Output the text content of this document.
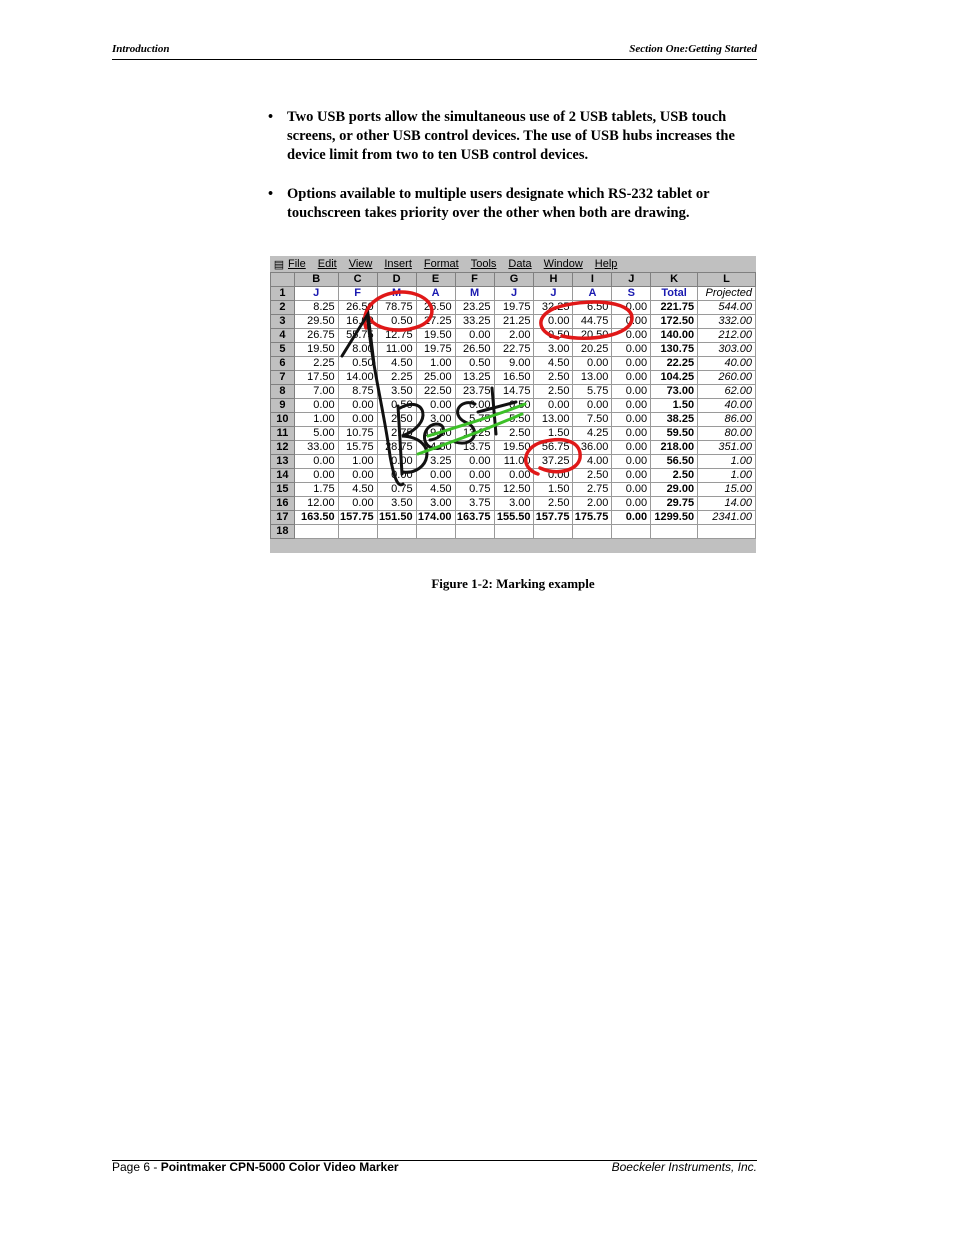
Introduction	Section One:Getting Started
• Two USB ports allow the simultaneous use of 2 USB tablets, USB touch screens, or other USB control devices. The use of USB hubs increases the device limit from two to ten USB control devices.
• Options available to multiple users designate which RS-232 tablet or touchscreen takes priority over the other when both are drawing.
▤ File Edit View Insert Format Tools Data Window Help
	B	C	D	E	F	G	H	I	J	K	L
1	J	F	M	A	M	J	J	A	S	Total	Projected
2	8.25	26.50	78.75	26.50	23.25	19.75	32.25	6.50	0.00	221.75	544.00
3	29.50	16.00	0.50	27.25	33.25	21.25	0.00	44.75	0.00	172.50	332.00
4	26.75	55.75	12.75	19.50	0.00	2.00	0.50	20.50	0.00	140.00	212.00
5	19.50	8.00	11.00	19.75	26.50	22.75	3.00	20.25	0.00	130.75	303.00
6	2.25	0.50	4.50	1.00	0.50	9.00	4.50	0.00	0.00	22.25	40.00
7	17.50	14.00	2.25	25.00	13.25	16.50	2.50	13.00	0.00	104.25	260.00
8	7.00	8.75	3.50	22.50	23.75	14.75	2.50	5.75	0.00	73.00	62.00
9	0.00	0.00	0.50	0.00	0.00	0.50	0.00	0.00	0.00	1.50	40.00
10	1.00	0.00	2.50	3.00	5.75	5.50	13.00	7.50	0.00	38.25	86.00
11	5.00	10.75	2.75	19.50	13.25	2.50	1.50	4.25	0.00	59.50	80.00
12	33.00	15.75	28.75	14.50	13.75	19.50	56.75	36.00	0.00	218.00	351.00
13	0.00	1.00	0.00	3.25	0.00	11.00	37.25	4.00	0.00	56.50	1.00
14	0.00	0.00	0.00	0.00	0.00	0.00	0.00	2.50	0.00	2.50	1.00
15	1.75	4.50	0.75	4.50	0.75	12.50	1.50	2.75	0.00	29.00	15.00
16	12.00	0.00	3.50	3.00	3.75	3.00	2.50	2.00	0.00	29.75	14.00
17	163.50	157.75	151.50	174.00	163.75	155.50	157.75	175.75	0.00	1299.50	2341.00
18											
Figure 1-2: Marking example
Page 6 - Pointmaker CPN-5000 Color Video Marker	Boeckeler Instruments, Inc.
